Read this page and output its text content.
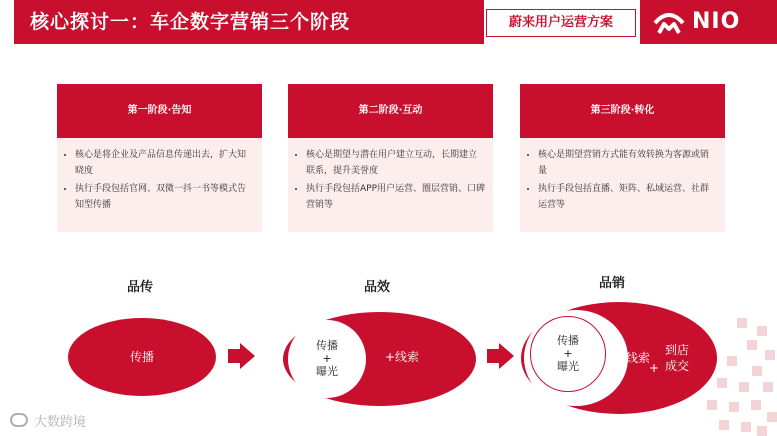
核心探讨一：车企数字营销三个阶段	蔚来用户运营方案	NIO
第一阶段·告知
• 核心是将企业及产品信息传递出去，扩大知晓度
• 执行手段包括官网、双微一抖一书等模式告知型传播
第二阶段·互动
• 核心是期望与潜在用户建立互动，长期建立联系，提升美誉度
• 执行手段包括APP用户运营、圈层营销、口碑营销等
第三阶段·转化
• 核心是期望营销方式能有效转换为客源或销量
• 执行手段包括直播、矩阵、私域运营、社群运营等
品传	品效	品销
传播
传播
+
曝光
+线索
传播
+
曝光
+线索
+
到店
成交
大数跨境
